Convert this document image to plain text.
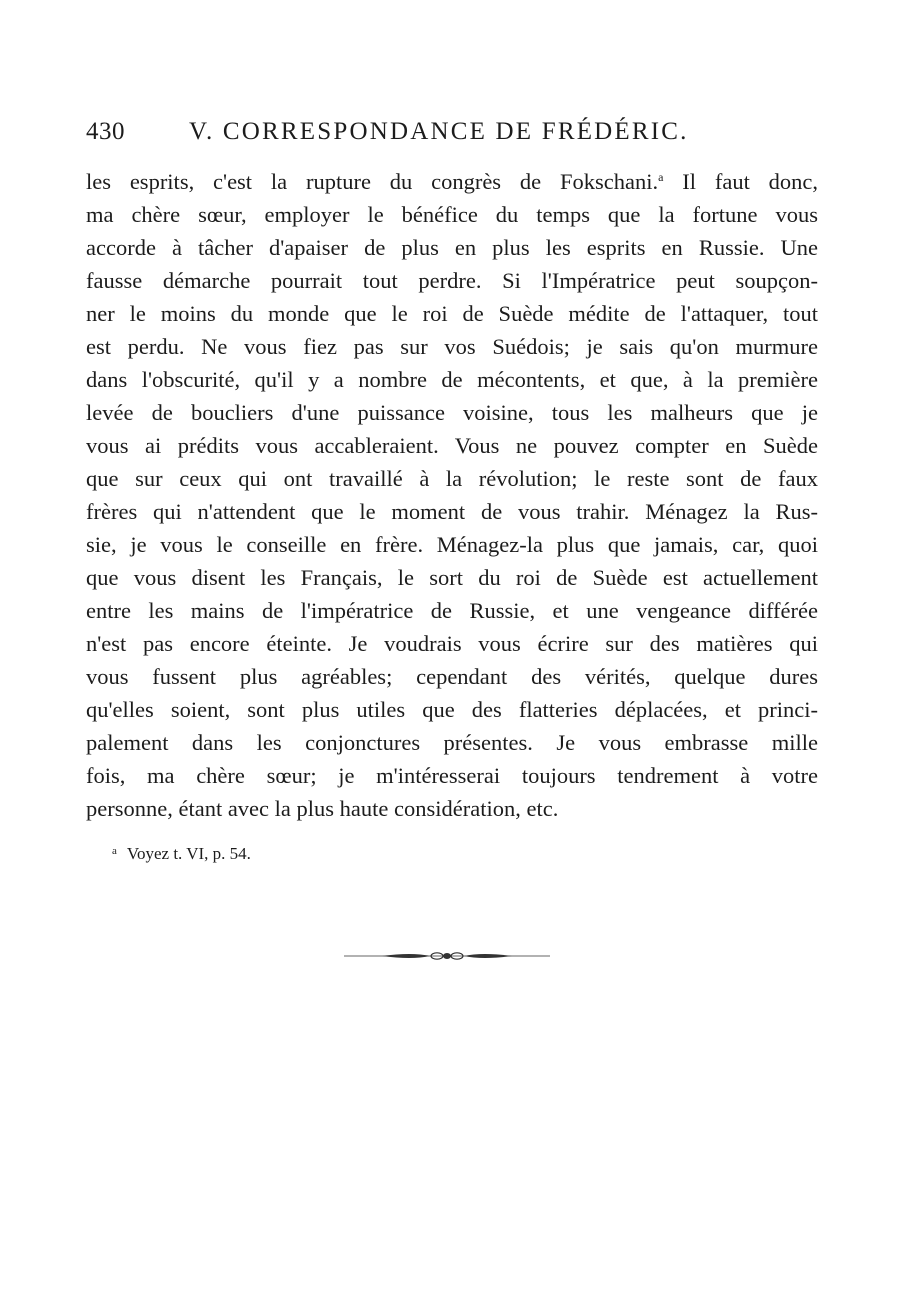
430	V. CORRESPONDANCE DE FRÉDÉRIC.
les esprits, c'est la rupture du congrès de Fokschani.$^a$ Il faut donc,
ma chère sœur, employer le bénéfice du temps que la fortune vous
accorde à tâcher d'apaiser de plus en plus les esprits en Russie. Une
fausse démarche pourrait tout perdre. Si l'Impératrice peut soupçon-
ner le moins du monde que le roi de Suède médite de l'attaquer, tout
est perdu. Ne vous fiez pas sur vos Suédois; je sais qu'on murmure
dans l'obscurité, qu'il y a nombre de mécontents, et que, à la première
levée de boucliers d'une puissance voisine, tous les malheurs que je
vous ai prédits vous accableraient. Vous ne pouvez compter en Suède
que sur ceux qui ont travaillé à la révolution; le reste sont de faux
frères qui n'attendent que le moment de vous trahir. Ménagez la Rus-
sie, je vous le conseille en frère. Ménagez-la plus que jamais, car, quoi
que vous disent les Français, le sort du roi de Suède est actuellement
entre les mains de l'impératrice de Russie, et une vengeance différée
n'est pas encore éteinte. Je voudrais vous écrire sur des matières qui
vous fussent plus agréables; cependant des vérités, quelque dures
qu'elles soient, sont plus utiles que des flatteries déplacées, et princi-
palement dans les conjonctures présentes. Je vous embrasse mille
fois, ma chère sœur; je m'intéresserai toujours tendrement à votre
personne, étant avec la plus haute considération, etc.
$^a$ Voyez t. VI, p. 54.
